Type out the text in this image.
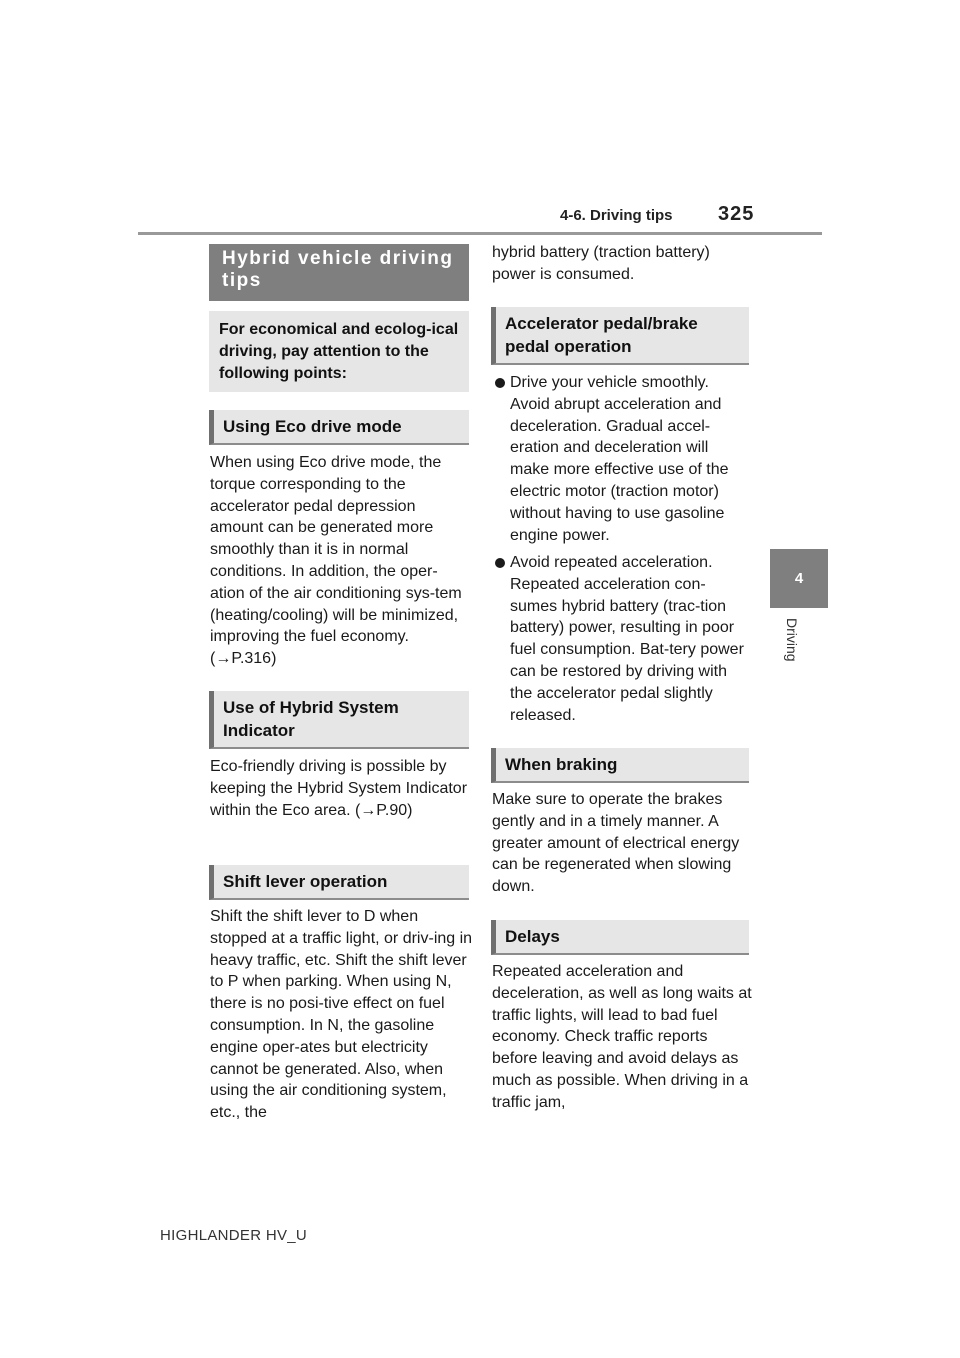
4-6. Driving tips 325
4
Driving
Hybrid vehicle driving tips
For economical and ecolog-ical driving, pay attention to the following points:
Using Eco drive mode
When using Eco drive mode, the torque corresponding to the accelerator pedal depression amount can be generated more smoothly than it is in normal conditions. In addition, the oper-ation of the air conditioning sys-tem (heating/cooling) will be minimized, improving the fuel economy. (→P.316)
Use of Hybrid System Indicator
Eco-friendly driving is possible by keeping the Hybrid System Indicator within the Eco area. (→P.90)
Shift lever operation
Shift the shift lever to D when stopped at a traffic light, or driv-ing in heavy traffic, etc. Shift the shift lever to P when parking. When using N, there is no posi-tive effect on fuel consumption. In N, the gasoline engine oper-ates but electricity cannot be generated. Also, when using the air conditioning system, etc., the
hybrid battery (traction battery) power is consumed.
Accelerator pedal/brake pedal operation
Drive your vehicle smoothly. Avoid abrupt acceleration and deceleration. Gradual accel-eration and deceleration will make more effective use of the electric motor (traction motor) without having to use gasoline engine power.
Avoid repeated acceleration. Repeated acceleration con-sumes hybrid battery (trac-tion battery) power, resulting in poor fuel consumption. Bat-tery power can be restored by driving with the accelerator pedal slightly released.
When braking
Make sure to operate the brakes gently and in a timely manner. A greater amount of electrical energy can be regenerated when slowing down.
Delays
Repeated acceleration and deceleration, as well as long waits at traffic lights, will lead to bad fuel economy. Check traffic reports before leaving and avoid delays as much as possible. When driving in a traffic jam,
HIGHLANDER HV_U
